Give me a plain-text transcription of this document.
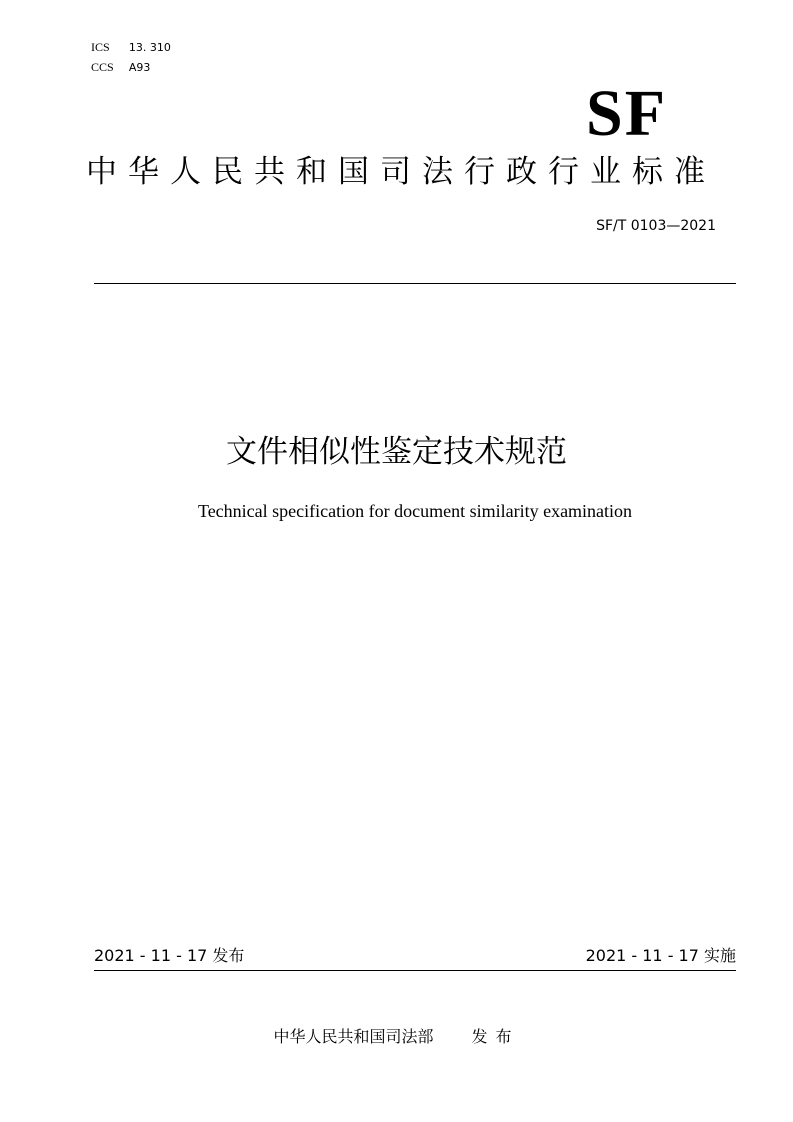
ICS 13. 310
CCS A93
SF
中华人民共和国司法行政行业标准
SF/T 0103—2021
文件相似性鉴定技术规范
Technical specification for document similarity examination
2021 - 11 - 17 发布	2021 - 11 - 17 实施
中华人民共和国司法部 发布
